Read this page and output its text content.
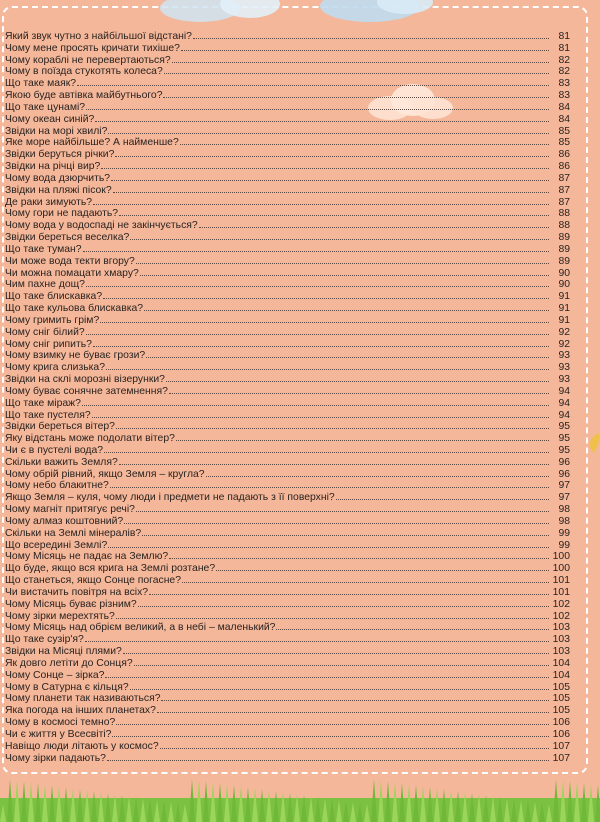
Який звук чутно з найбільшої відстані?	81
Чому мене просять кричати тихіше?	81
Чому кораблі не перевертаються?	82
Чому в поїзда стукотять колеса?	82
Що таке маяк?	83
Якою буде автівка майбутнього?	83
Що таке цунамі?	84
Чому океан синій?	84
Звідки на морі хвилі?	85
Яке море найбільше? А найменше?	85
Звідки беруться річки?	86
Звідки на річці вир?	86
Чому вода дзюрчить?	87
Звідки на пляжі пісок?	87
Де раки зимують?	87
Чому гори не падають?	88
Чому вода у водоспаді не закінчується?	88
Звідки береться веселка?	89
Що таке туман?	89
Чи може вода текти вгору?	89
Чи можна помацати хмару?	90
Чим пахне дощ?	90
Що таке блискавка?	91
Що таке кульова блискавка?	91
Чому гримить грім?	91
Чому сніг білий?	92
Чому сніг рипить?	92
Чому взимку не буває грози?	93
Чому крига слизька?	93
Звідки на склі морозні візерунки?	93
Чому буває сонячне затемнення?	94
Що таке міраж?	94
Що таке пустеля?	94
Звідки береться вітер?	95
Яку відстань може подолати вітер?	95
Чи є в пустелі вода?	95
Скільки важить Земля?	96
Чому обрій рівний, якщо Земля – кругла?	96
Чому небо блакитне?	97
Якщо Земля – куля, чому люди і предмети не падають з її поверхні?	97
Чому магніт притягує речі?	98
Чому алмаз коштовний?	98
Скільки на Землі мінералів?	99
Що всередині Землі?	99
Чому Місяць не падає на Землю?	100
Що буде, якщо вся крига на Землі розтане?	100
Що станеться, якщо Сонце погасне?	101
Чи вистачить повітря на всіх?	101
Чому Місяць буває різним?	102
Чому зірки мерехтять?	102
Чому Місяць над обрієм великий, а в небі – маленький?	103
Що таке сузір'я?	103
Звідки на Місяці плями?	103
Як довго летіти до Сонця?	104
Чому Сонце – зірка?	104
Чому в Сатурна є кільця?	105
Чому планети так називаються?	105
Яка погода на інших планетах?	105
Чому в космосі темно?	106
Чи є життя у Всесвіті?	106
Навіщо люди літають у космос?	107
Чому зірки падають?	107
